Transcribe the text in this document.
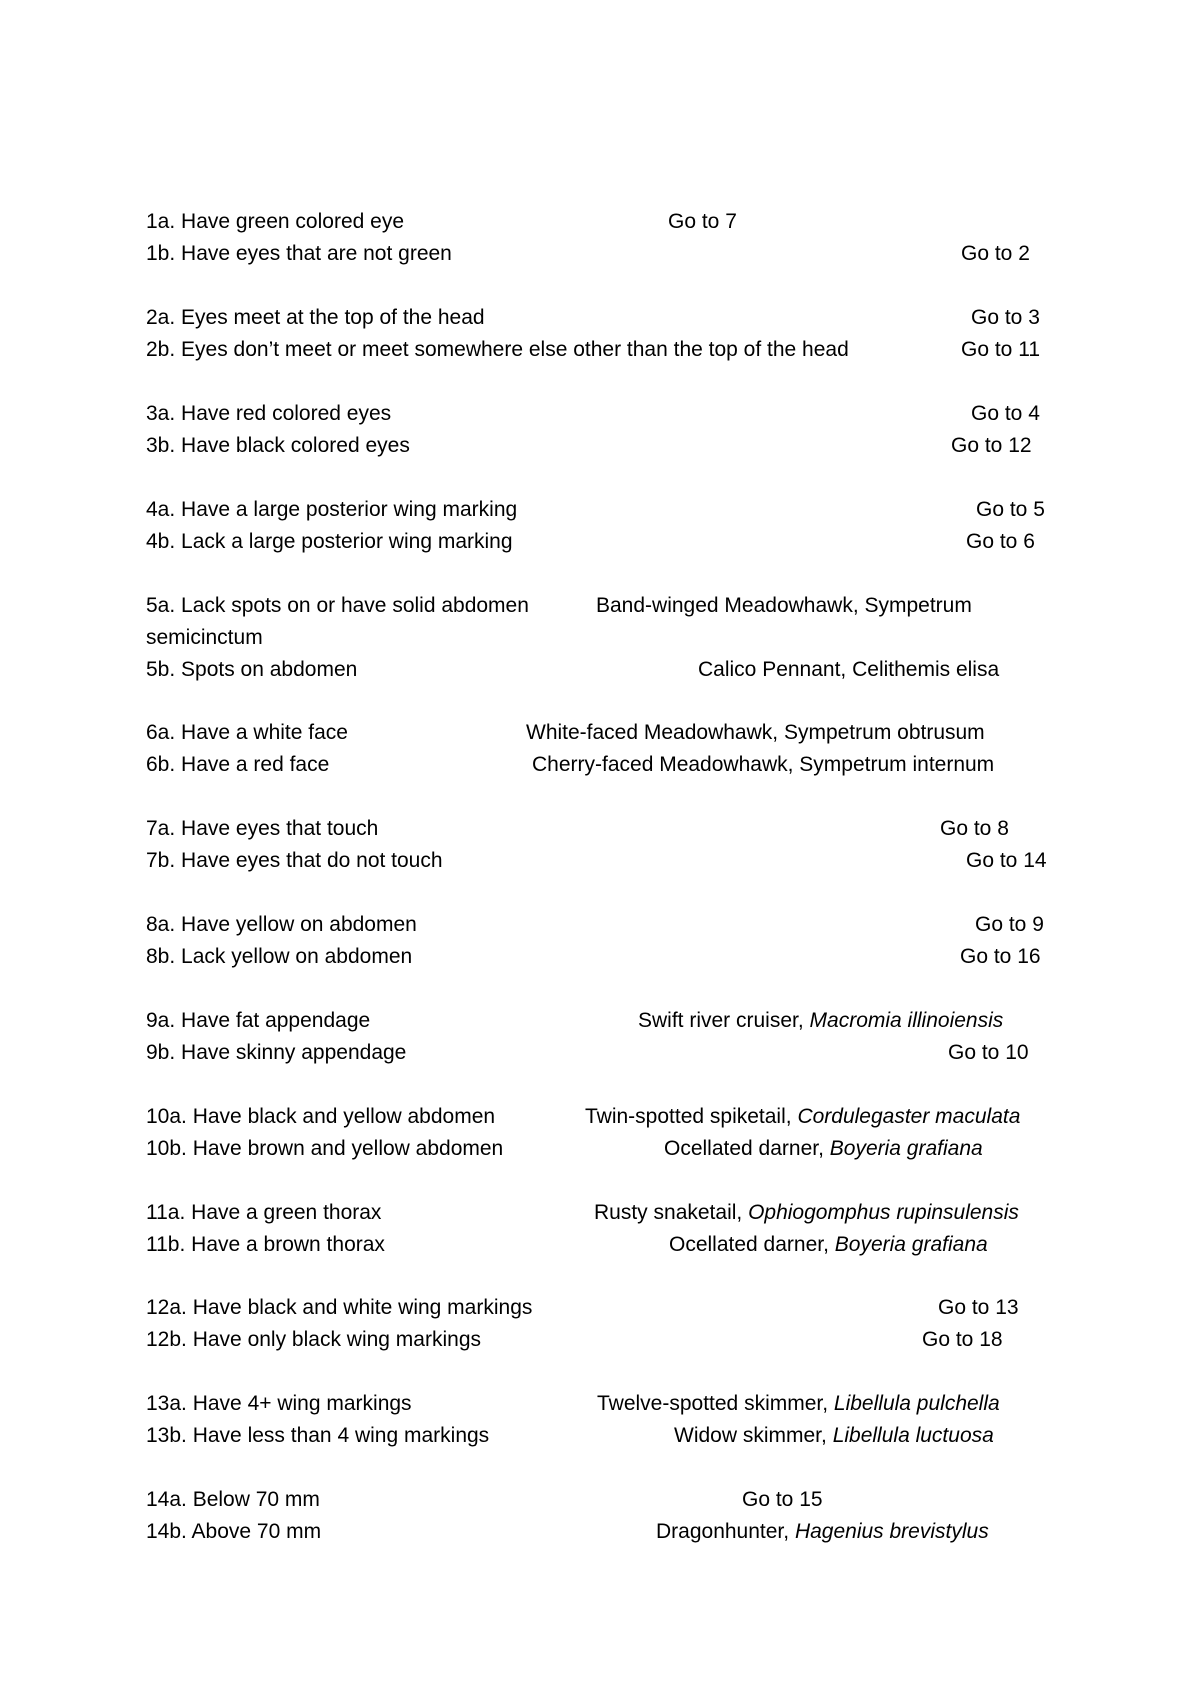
1a. Have green colored eye	Go to 7
1b. Have eyes that are not green	Go to 2
2a. Eyes meet at the top of the head	Go to 3
2b. Eyes don’t meet or meet somewhere else other than the top of the head	Go to 11
3a. Have red colored eyes	Go to 4
3b. Have black colored eyes	Go to 12
4a. Have a large posterior wing marking	Go to 5
4b. Lack a large posterior wing marking	Go to 6
5a. Lack spots on or have solid abdomen	Band-winged Meadowhawk, Sympetrum
semicinctum
5b. Spots on abdomen	Calico Pennant, Celithemis elisa
6a. Have a white face	White-faced Meadowhawk, Sympetrum obtrusum
6b. Have a red face	Cherry-faced Meadowhawk, Sympetrum internum
7a. Have eyes that touch	Go to 8
7b. Have eyes that do not touch	Go to 14
8a. Have yellow on abdomen	Go to 9
8b. Lack yellow on abdomen	Go to 16
9a. Have fat appendage	Swift river cruiser, Macromia illinoiensis
9b. Have skinny appendage	Go to 10
10a. Have black and yellow abdomen	Twin-spotted spiketail, Cordulegaster maculata
10b. Have brown and yellow abdomen	Ocellated darner, Boyeria grafiana
11a. Have a green thorax	Rusty snaketail, Ophiogomphus rupinsulensis
11b. Have a brown thorax	Ocellated darner, Boyeria grafiana
12a. Have black and white wing markings	Go to 13
12b. Have only black wing markings	Go to 18
13a. Have 4+ wing markings	Twelve-spotted skimmer, Libellula pulchella
13b. Have less than 4 wing markings	Widow skimmer, Libellula luctuosa
14a. Below 70 mm	Go to 15
14b. Above 70 mm	Dragonhunter, Hagenius brevistylus
